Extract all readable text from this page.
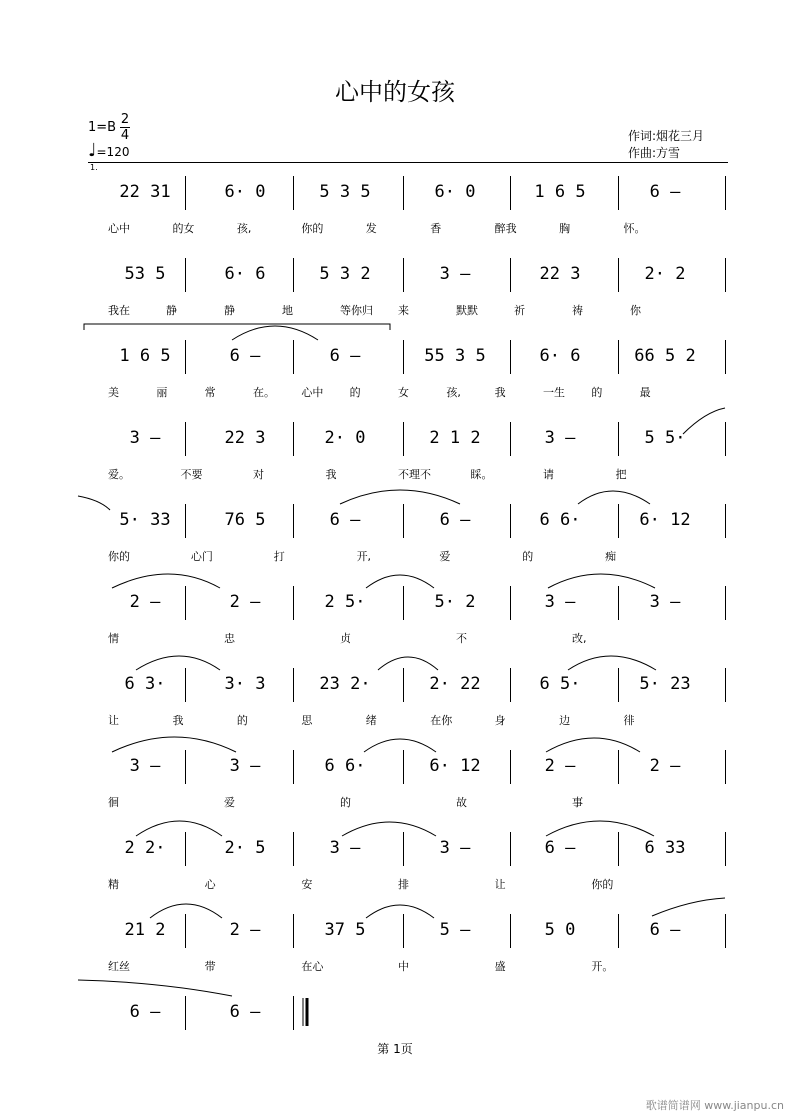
心中的女孩
1=B
2
4
♩=120
作词:烟花三月
作曲:方雪
1.
22 31	6· 0	5 3 5	6· 0	1 6 5	6 –
心中	的女	孩,	你的	发	香	醉我	胸	怀。
53 5	6· 6	5 3 2	3 –	22 3	2· 2
我在	静	静	地	等你归 来	默默	祈	祷	你
1 6 5	6 –	6 –	55 3 5	6· 6	66 5 2
美	丽	常	在。 心中 的	女	孩,	我	一生 的	最
3 –	22 3	2· 0	2 1 2	3 –	5 5·
爱。	不要	对	我	不理不	睬。	请	把
5· 33	76 5	6 –	6 –	6 6·	6· 12
你的	心门	打	开,	爱	的	痴
2 –	2 –	2 5·	5· 2	3 –	3 –
情	忠	贞	不	改,
6 3·	3· 3	23 2·	2· 22	6 5·	5· 23
让	我	的	思	绪	在你	身	边	徘
3 –	3 –	6 6·	6· 12	2 –	2 –
徊	爱	的	故	事
2 2·	2· 5	3 –	3 –	6 –	6 33
精	心	安	排	让	你的
21 2	2 –	37 5	5 –	5 0	6 –
红丝	带	在心	中	盛	开。
6 –	6 –
第 1页
歌谱简谱网 www.jianpu.cn
